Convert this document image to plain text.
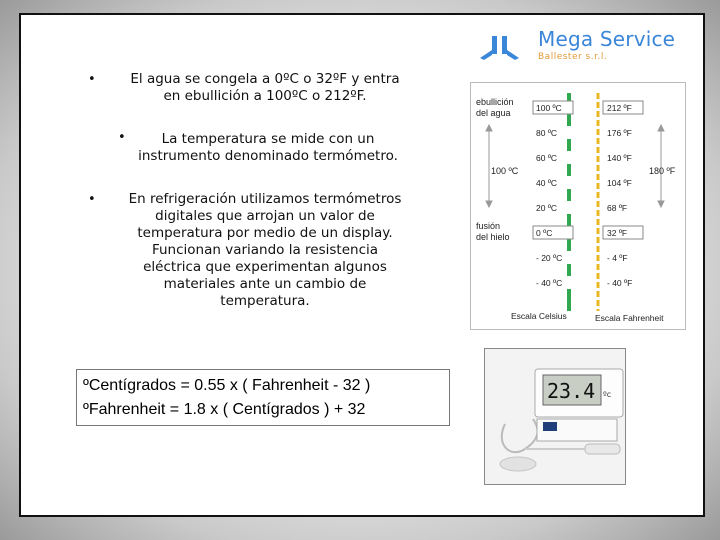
Mega Service
Ballester s.r.l.
•	El agua se congela a 0ºC o 32ºF y entra
en ebullición a 100ºC o 212ºF.
•	La temperatura se mide con un
instrumento denominado termómetro.
•	En refrigeración utilizamos termómetros
digitales que arrojan un valor de
temperatura por medio de un display.
Funcionan variando la resistencia
eléctrica que experimentan algunos
materiales ante un cambio de
temperatura.
ºCentígrados = 0.55 x ( Fahrenheit - 32 )
ºFahrenheit = 1.8 x ( Centígrados ) + 32
100 ºC	212 ºF
80 ºC	176 ºF
60 ºC	140 ºF
40 ºC	104 ºF
20 ºC	68 ºF
0 ºC	32 ºF
- 20 ºC	- 4 ºF
- 40 ºC	- 40 ºF
ebullición
del agua
fusión
del hielo
100 ºC	180 ºF
Escala Celsius	Escala Fahrenheit
23.4 ºc
